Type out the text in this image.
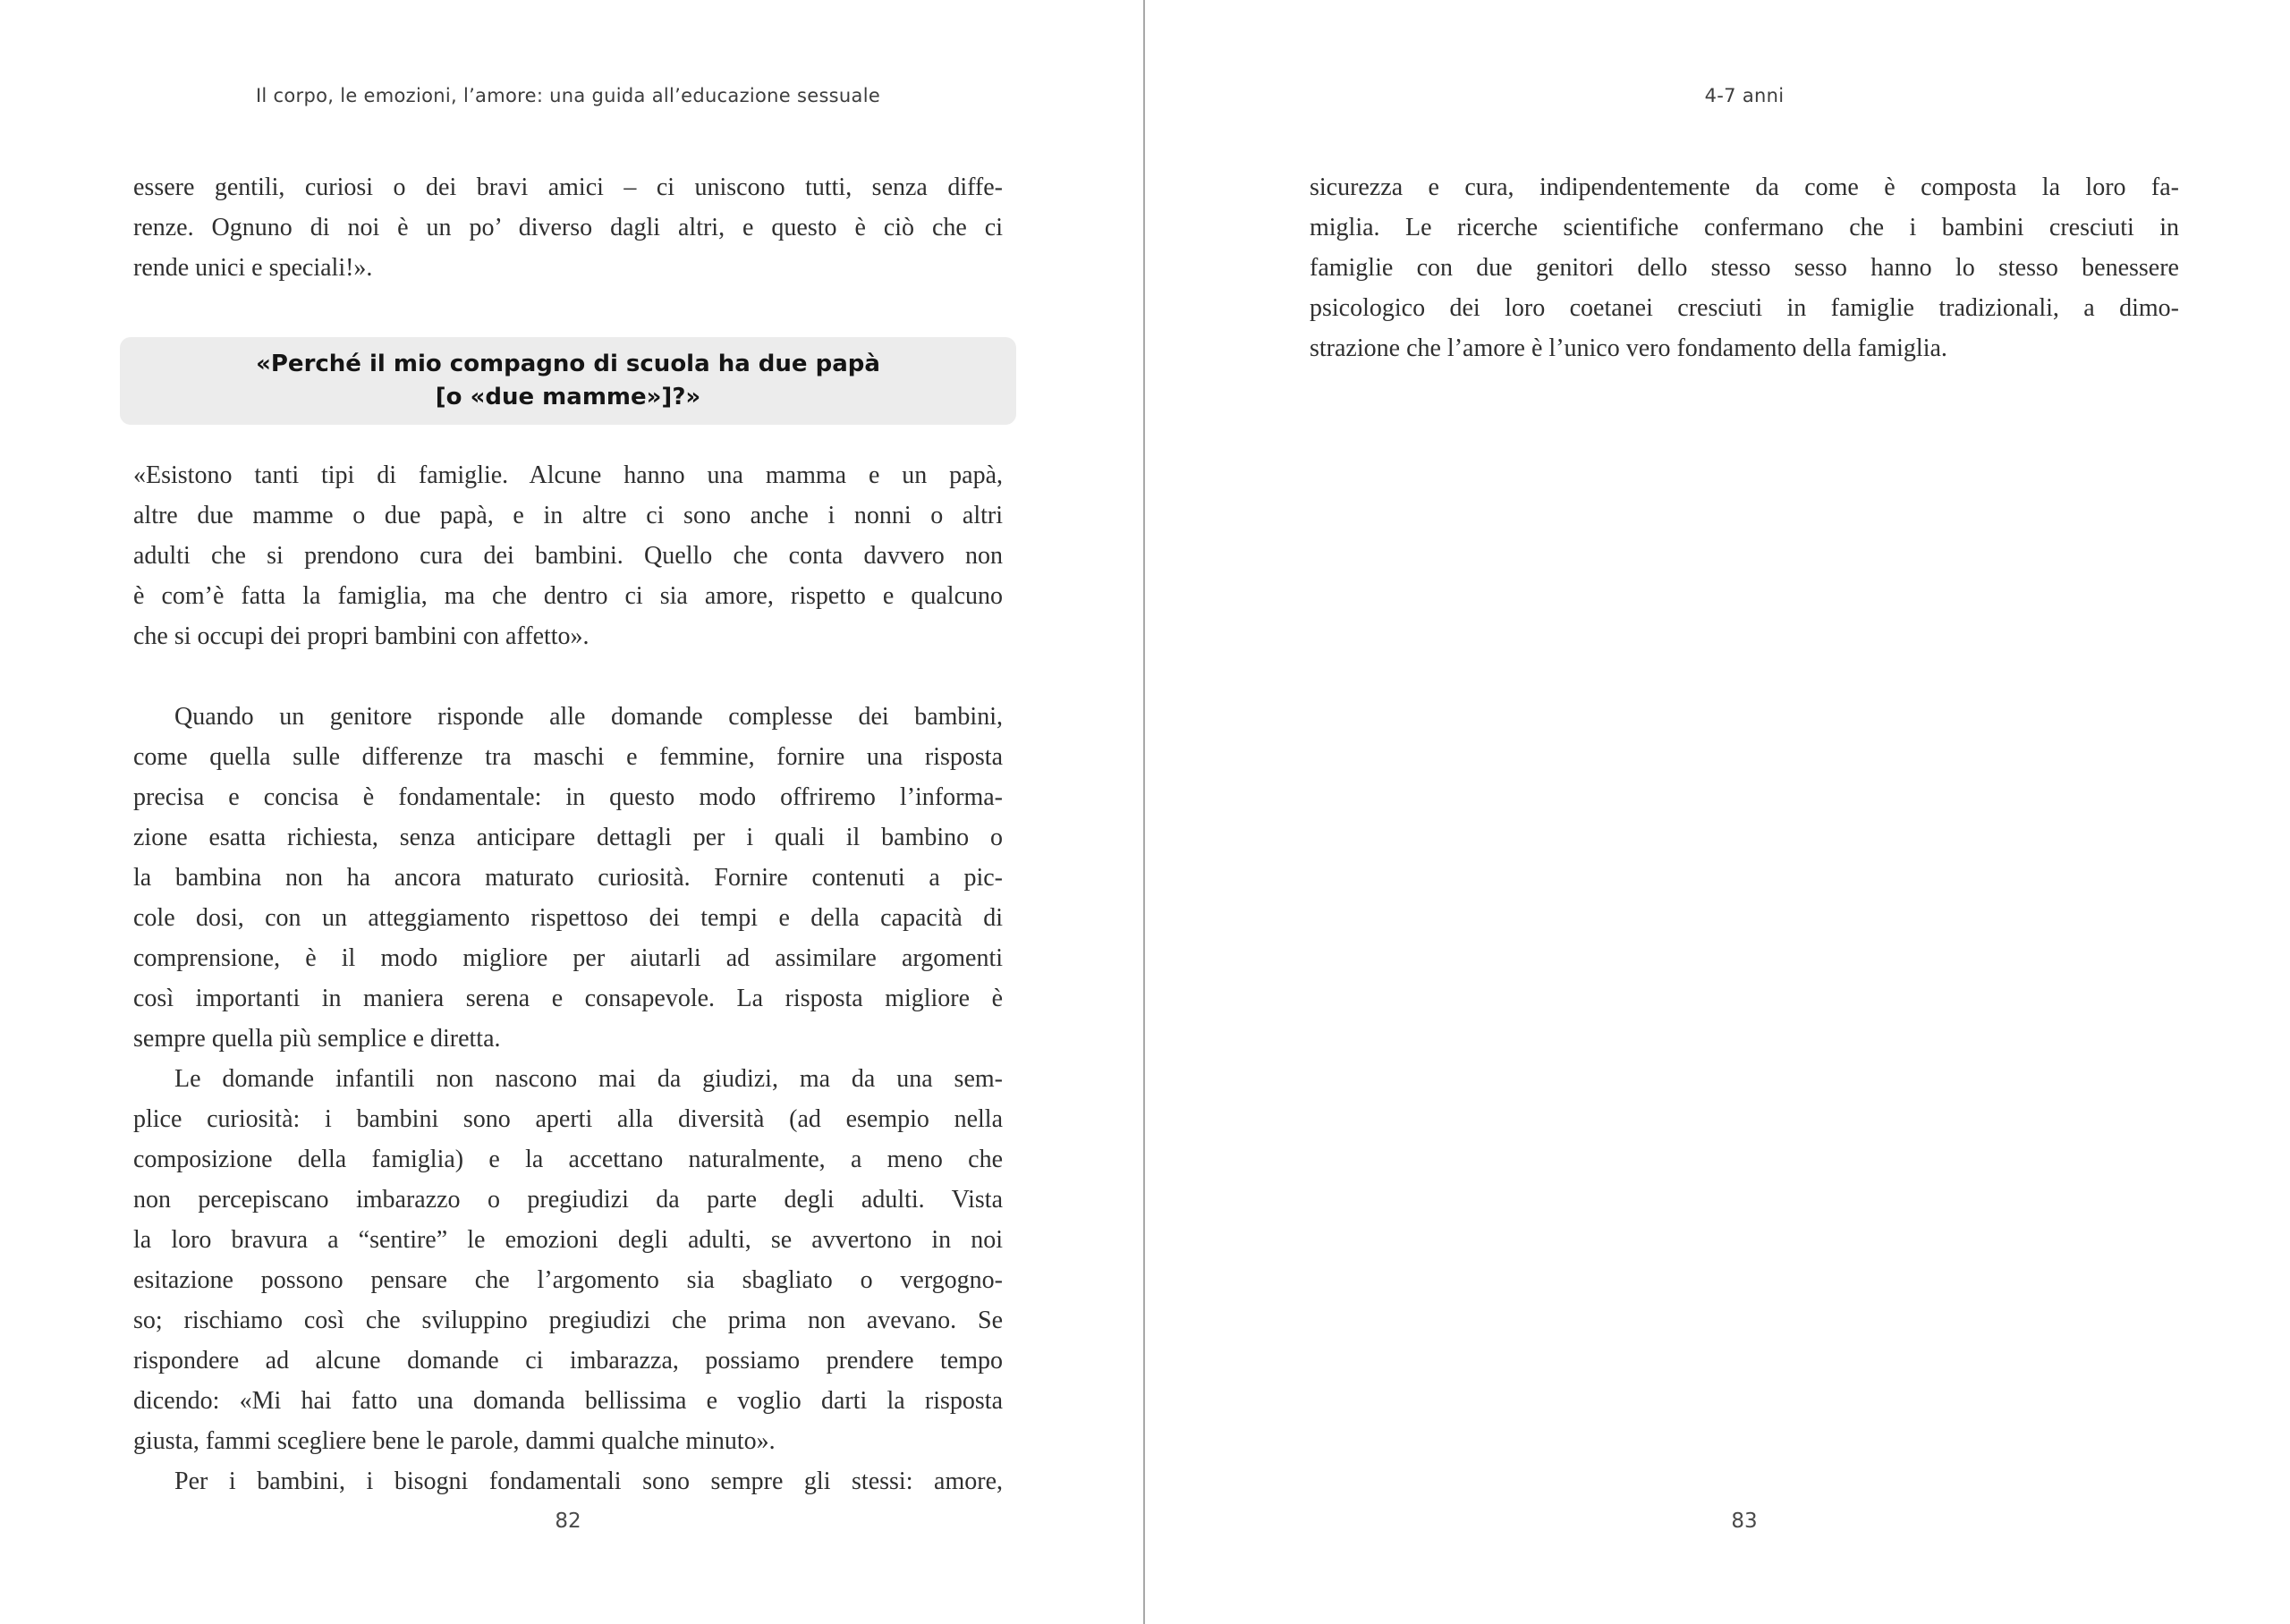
Il corpo, le emozioni, l’amore: una guida all’educazione sessuale
essere gentili, curiosi o dei bravi amici – ci uniscono tutti, senza diffe-
renze. Ognuno di noi è un po’ diverso dagli altri, e questo è ciò che ci
rende unici e speciali!».
«Perché il mio compagno di scuola ha due papà
[o «due mamme»]?»
«Esistono tanti tipi di famiglie. Alcune hanno una mamma e un papà,
altre due mamme o due papà, e in altre ci sono anche i nonni o altri
adulti che si prendono cura dei bambini. Quello che conta davvero non
è com’è fatta la famiglia, ma che dentro ci sia amore, rispetto e qualcuno
che si occupi dei propri bambini con affetto».
Quando un genitore risponde alle domande complesse dei bambini,
come quella sulle differenze tra maschi e femmine, fornire una risposta
precisa e concisa è fondamentale: in questo modo offriremo l’informa-
zione esatta richiesta, senza anticipare dettagli per i quali il bambino o
la bambina non ha ancora maturato curiosità. Fornire contenuti a pic-
cole dosi, con un atteggiamento rispettoso dei tempi e della capacità di
comprensione, è il modo migliore per aiutarli ad assimilare argomenti
così importanti in maniera serena e consapevole. La risposta migliore è
sempre quella più semplice e diretta.
Le domande infantili non nascono mai da giudizi, ma da una sem-
plice curiosità: i bambini sono aperti alla diversità (ad esempio nella
composizione della famiglia) e la accettano naturalmente, a meno che
non percepiscano imbarazzo o pregiudizi da parte degli adulti. Vista
la loro bravura a “sentire” le emozioni degli adulti, se avvertono in noi
esitazione possono pensare che l’argomento sia sbagliato o vergogno-
so; rischiamo così che sviluppino pregiudizi che prima non avevano. Se
rispondere ad alcune domande ci imbarazza, possiamo prendere tempo
dicendo: «Mi hai fatto una domanda bellissima e voglio darti la risposta
giusta, fammi scegliere bene le parole, dammi qualche minuto».
Per i bambini, i bisogni fondamentali sono sempre gli stessi: amore,
82
4-7 anni
sicurezza e cura, indipendentemente da come è composta la loro fa-
miglia. Le ricerche scientifiche confermano che i bambini cresciuti in
famiglie con due genitori dello stesso sesso hanno lo stesso benessere
psicologico dei loro coetanei cresciuti in famiglie tradizionali, a dimo-
strazione che l’amore è l’unico vero fondamento della famiglia.
83
